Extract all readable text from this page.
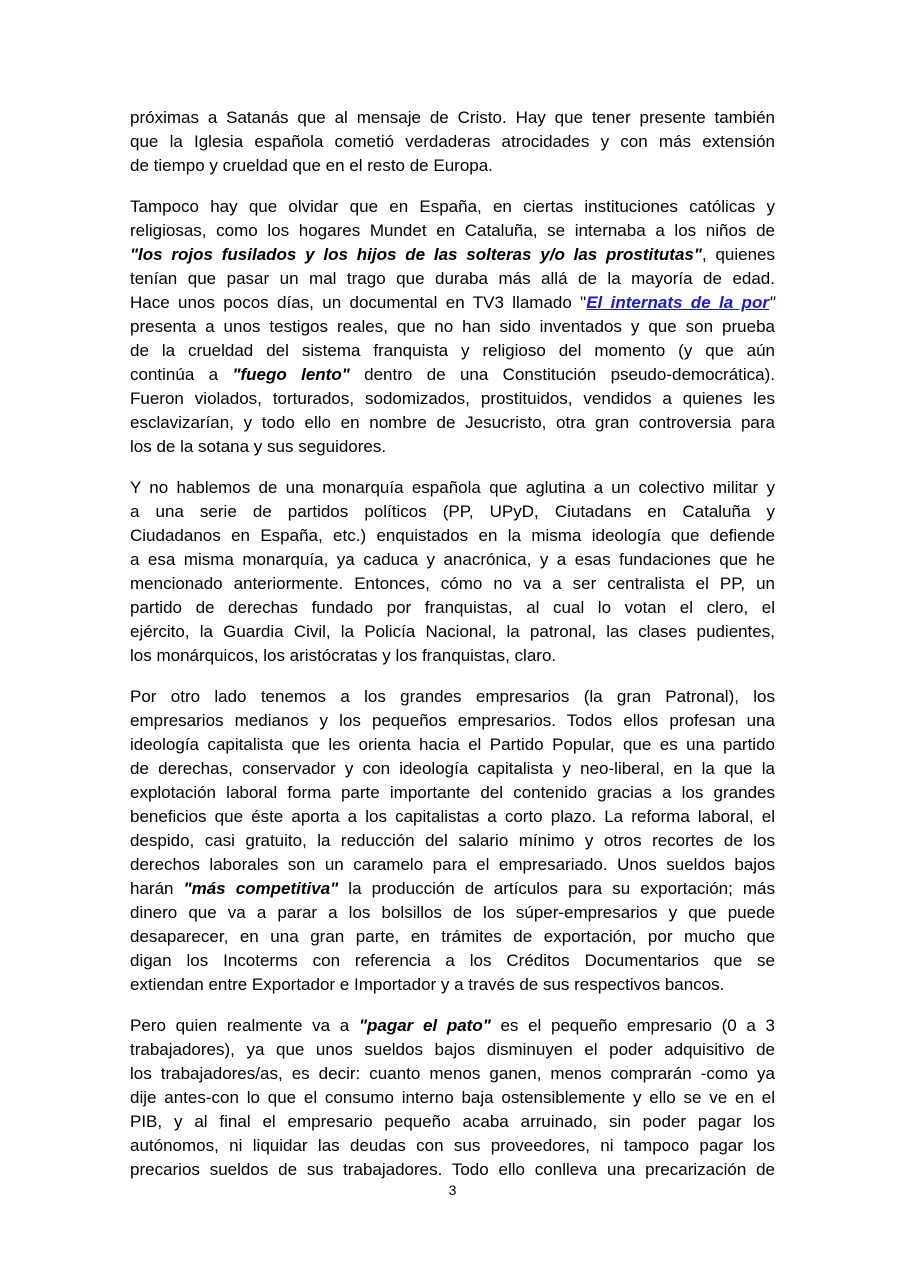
próximas a Satanás que al mensaje de Cristo. Hay que tener presente también
que la Iglesia española cometió verdaderas atrocidades y con más extensión
de tiempo y crueldad que en el resto de Europa.
Tampoco hay que olvidar que en España, en ciertas instituciones católicas y
religiosas, como los hogares Mundet en Cataluña, se internaba a los niños de
"los rojos fusilados y los hijos de las solteras y/o las prostitutas", quienes
tenían que pasar un mal trago que duraba más allá de la mayoría de edad.
Hace unos pocos días, un documental en TV3 llamado "El internats de la por"
presenta a unos testigos reales, que no han sido inventados y que son prueba
de la crueldad del sistema franquista y religioso del momento (y que aún
continúa a "fuego lento" dentro de una Constitución pseudo-democrática).
Fueron violados, torturados, sodomizados, prostituidos, vendidos a quienes les
esclavizarían, y todo ello en nombre de Jesucristo, otra gran controversia para
los de la sotana y sus seguidores.
Y no hablemos de una monarquía española que aglutina a un colectivo militar y
a una serie de partidos políticos (PP, UPyD, Ciutadans en Cataluña y
Ciudadanos en España, etc.) enquistados en la misma ideología que defiende
a esa misma monarquía, ya caduca y anacrónica, y a esas fundaciones que he
mencionado anteriormente. Entonces, cómo no va a ser centralista el PP, un
partido de derechas fundado por franquistas, al cual lo votan el clero, el
ejército, la Guardia Civil, la Policía Nacional, la patronal, las clases pudientes,
los monárquicos, los aristócratas y los franquistas, claro.
Por otro lado tenemos a los grandes empresarios (la gran Patronal), los
empresarios medianos y los pequeños empresarios. Todos ellos profesan una
ideología capitalista que les orienta hacia el Partido Popular, que es una partido
de derechas, conservador y con ideología capitalista y neo-liberal, en la que la
explotación laboral forma parte importante del contenido gracias a los grandes
beneficios que éste aporta a los capitalistas a corto plazo. La reforma laboral, el
despido, casi gratuito, la reducción del salario mínimo y otros recortes de los
derechos laborales son un caramelo para el empresariado. Unos sueldos bajos
harán "más competitiva" la producción de artículos para su exportación; más
dinero que va a parar a los bolsillos de los súper-empresarios y que puede
desaparecer, en una gran parte, en trámites de exportación, por mucho que
digan los Incoterms con referencia a los Créditos Documentarios que se
extiendan entre Exportador e Importador y a través de sus respectivos bancos.
Pero quien realmente va a "pagar el pato" es el pequeño empresario (0 a 3
trabajadores), ya que unos sueldos bajos disminuyen el poder adquisitivo de
los trabajadores/as, es decir: cuanto menos ganen, menos comprarán -como ya
dije antes-con lo que el consumo interno baja ostensiblemente y ello se ve en el
PIB, y al final el empresario pequeño acaba arruinado, sin poder pagar los
autónomos, ni liquidar las deudas con sus proveedores, ni tampoco pagar los
precarios sueldos de sus trabajadores. Todo ello conlleva una precarización de
3
